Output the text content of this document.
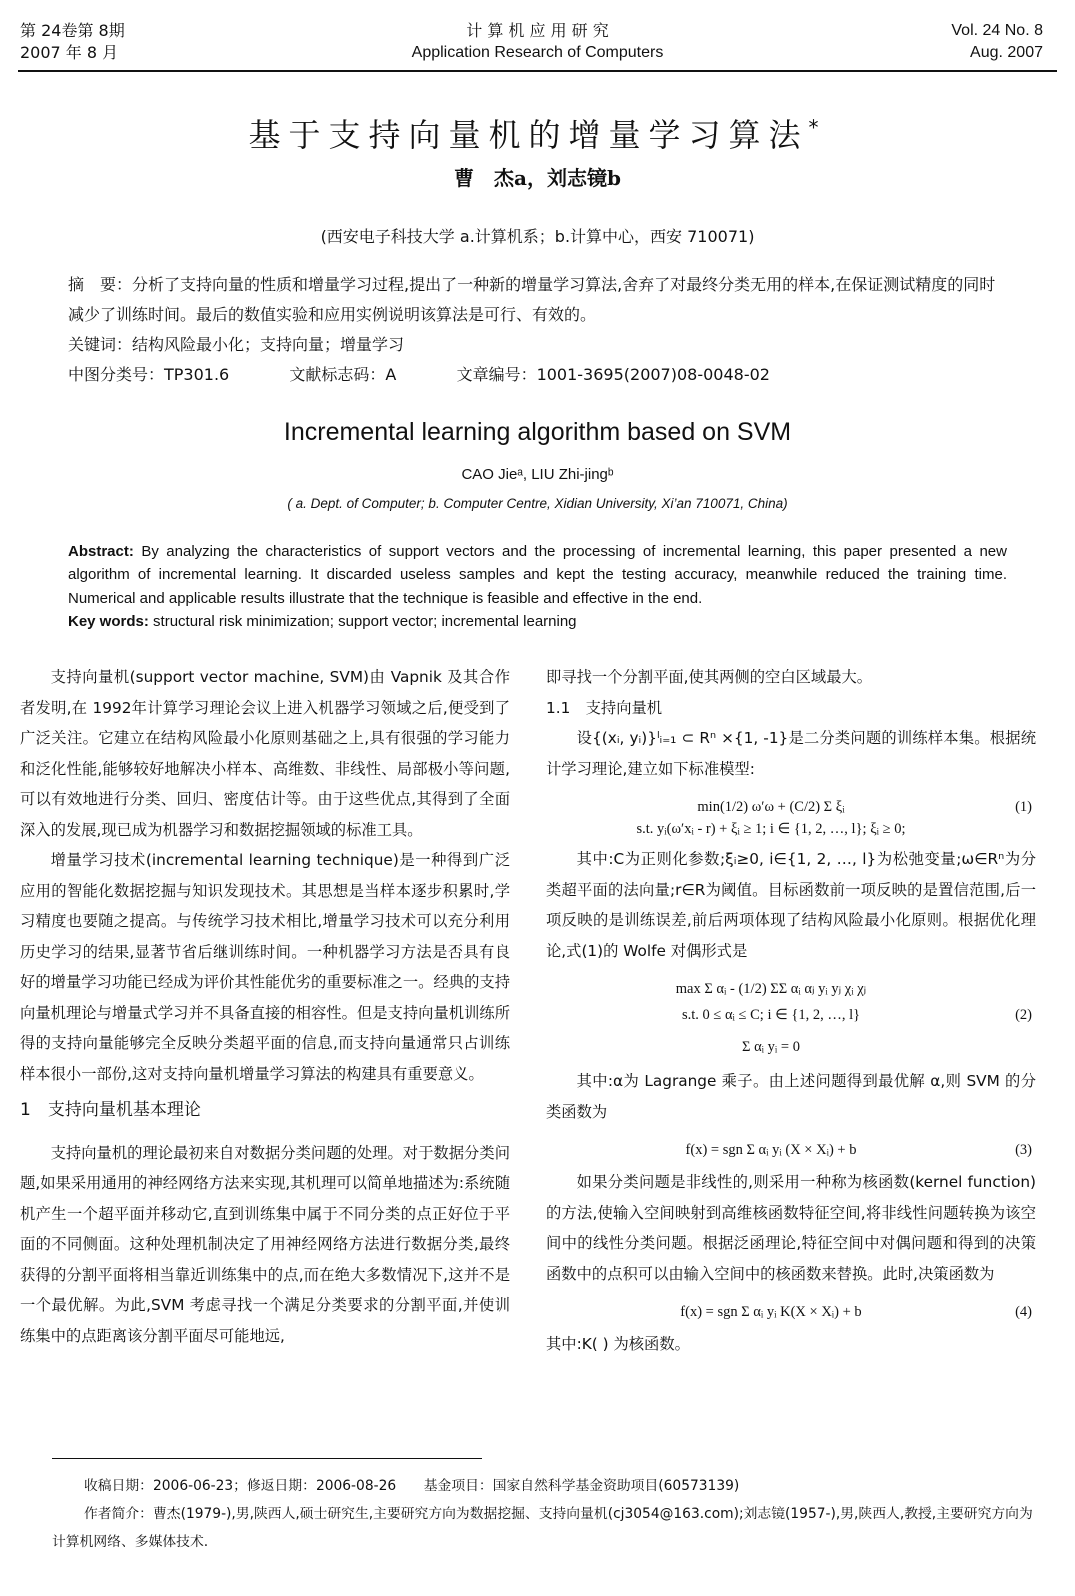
第 24卷第 8期
2007 年 8 月
计 算 机 应 用 研 究
Application Research of Computers
Vol. 24 No. 8
Aug. 2007
基于支持向量机的增量学习算法*
曹　杰a，刘志镜b
(西安电子科技大学 a.计算机系；b.计算中心，西安 710071)
摘　要：分析了支持向量的性质和增量学习过程,提出了一种新的增量学习算法,舍弃了对最终分类无用的样本,在保证测试精度的同时减少了训练时间。最后的数值实验和应用实例说明该算法是可行、有效的。
关键词：结构风险最小化；支持向量；增量学习
中图分类号：TP301.6	文献标志码：A	文章编号：1001-3695(2007)08-0048-02
Incremental learning algorithm based on SVM
CAO Jieᵃ, LIU Zhi-jingᵇ
( a. Dept. of Computer; b. Computer Centre, Xidian University, Xi’an 710071, China)
Abstract: By analyzing the characteristics of support vectors and the processing of incremental learning, this paper presented a new algorithm of incremental learning. It discarded useless samples and kept the testing accuracy, meanwhile reduced the training time. Numerical and applicable results illustrate that the technique is feasible and effective in the end.
Key words: structural risk minimization; support vector; incremental learning

支持向量机(support vector machine, SVM)由 Vapnik 及其合作者发明,在 1992年计算学习理论会议上进入机器学习领域之后,便受到了广泛关注。它建立在结构风险最小化原则基础之上,具有很强的学习能力和泛化性能,能够较好地解决小样本、高维数、非线性、局部极小等问题,可以有效地进行分类、回归、密度估计等。由于这些优点,其得到了全面深入的发展,现已成为机器学习和数据挖掘领域的标准工具。

增量学习技术(incremental learning technique)是一种得到广泛应用的智能化数据挖掘与知识发现技术。其思想是当样本逐步积累时,学习精度也要随之提高。与传统学习技术相比,增量学习技术可以充分利用历史学习的结果,显著节省后继训练时间。一种机器学习方法是否具有良好的增量学习功能已经成为评价其性能优劣的重要标准之一。经典的支持向量机理论与增量式学习并不具备直接的相容性。但是支持向量机训练所得的支持向量能够完全反映分类超平面的信息,而支持向量通常只占训练样本很小一部份,这对支持向量机增量学习算法的构建具有重要意义。

1　支持向量机基本理论

支持向量机的理论最初来自对数据分类问题的处理。对于数据分类问题,如果采用通用的神经网络方法来实现,其机理可以简单地描述为:系统随机产生一个超平面并移动它,直到训练集中属于不同分类的点正好位于平面的不同侧面。这种处理机制决定了用神经网络方法进行数据分类,最终获得的分割平面将相当靠近训练集中的点,而在绝大多数情况下,这并不是一个最优解。为此,SVM 考虑寻找一个满足分类要求的分割平面,并使训练集中的点距离该分割平面尽可能地远,

即寻找一个分割平面,使其两侧的空白区域最大。
1.1　支持向量机

设{(xᵢ, yᵢ)}ˡᵢ₌₁ ⊂ Rⁿ ×{1, -1}是二分类问题的训练样本集。根据统计学习理论,建立如下标准模型:

min(1/2) ω′ω + (C/2) Σ ξᵢ	(1)
s.t. yᵢ(ω′xᵢ - r) + ξᵢ ≥ 1; i ∈ {1, 2, …, l}; ξᵢ ≥ 0;

其中:C为正则化参数;ξᵢ≥0, i∈{1, 2, …, l}为松弛变量;ω∈Rⁿ为分类超平面的法向量;r∈R为阈值。目标函数前一项反映的是置信范围,后一项反映的是训练误差,前后两项体现了结构风险最小化原则。根据优化理论,式(1)的 Wolfe 对偶形式是

max Σ αᵢ - (1/2) ΣΣ αᵢ αⱼ yᵢ yⱼ χᵢ χⱼ
s.t. 0 ≤ αᵢ ≤ C; i ∈ {1, 2, …, l}	(2)
Σ αᵢ yᵢ = 0

其中:α为 Lagrange 乘子。由上述问题得到最优解 α,则 SVM 的分类函数为

f(x) = sgn Σ αᵢ yᵢ (X × Xᵢ) + b	(3)

如果分类问题是非线性的,则采用一种称为核函数(kernel function)的方法,使输入空间映射到高维核函数特征空间,将非线性问题转换为该空间中的线性分类问题。根据泛函理论,特征空间中对偶问题和得到的决策函数中的点积可以由输入空间中的核函数来替换。此时,决策函数为

f(x) = sgn Σ αᵢ yᵢ K(X × Xᵢ) + b	(4)
其中:K( ) 为核函数。
收稿日期：2006-06-23；修返日期：2006-08-26　　基金项目：国家自然科学基金资助项目(60573139)
作者简介：曹杰(1979-),男,陕西人,硕士研究生,主要研究方向为数据挖掘、支持向量机(cj3054@163.com);刘志镜(1957-),男,陕西人,教授,主要研究方向为计算机网络、多媒体技术.
